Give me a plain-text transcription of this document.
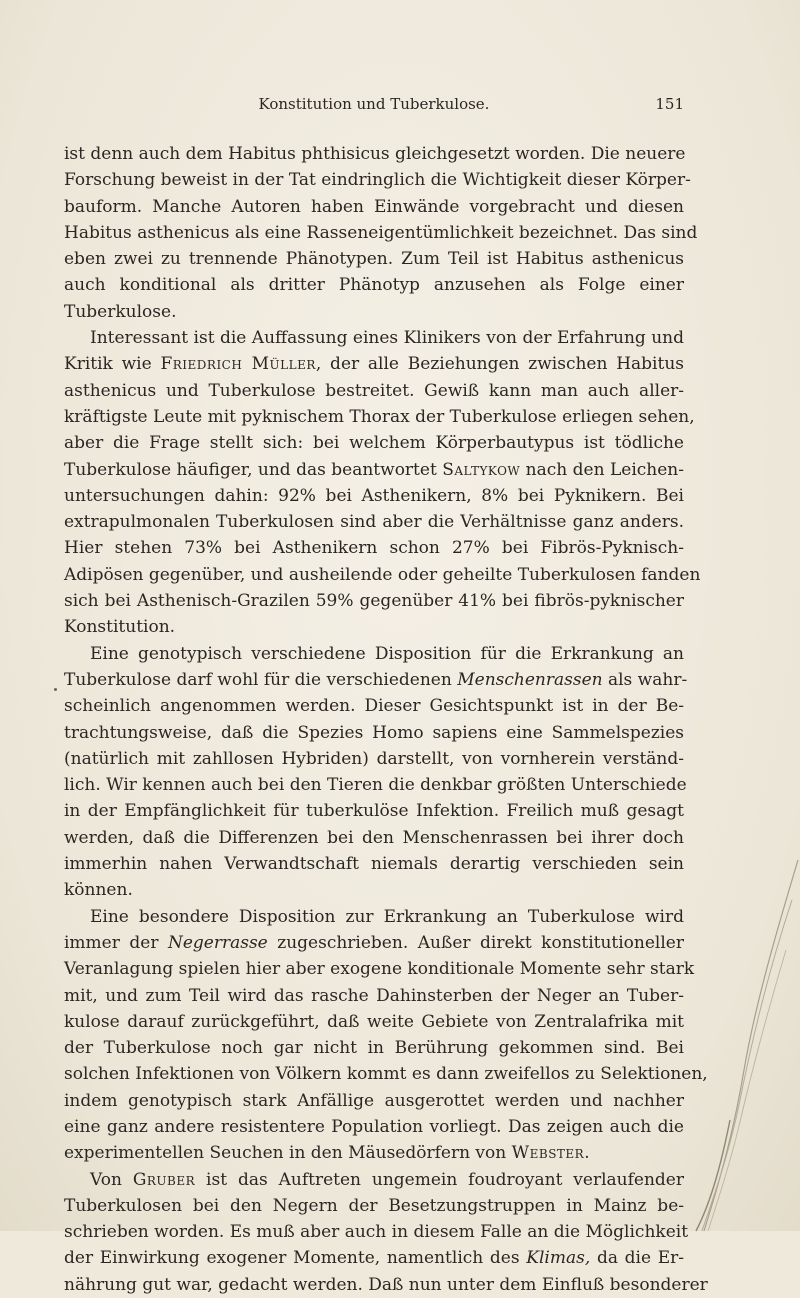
Konstitution und Tuberkulose.	151
ist denn auch dem Habitus phthisicus gleichgesetzt worden. Die neuere
Forschung beweist in der Tat eindringlich die Wichtigkeit dieser Körper-
bauform. Manche Autoren haben Einwände vorgebracht und diesen
Habitus asthenicus als eine Rasseneigentümlichkeit bezeichnet. Das sind
eben zwei zu trennende Phänotypen. Zum Teil ist Habitus asthenicus
auch konditional als dritter Phänotyp anzusehen als Folge einer
Tuberkulose.
Interessant ist die Auffassung eines Klinikers von der Erfahrung und
Kritik wie Friedrich Müller, der alle Beziehungen zwischen Habitus
asthenicus und Tuberkulose bestreitet. Gewiß kann man auch aller-
kräftigste Leute mit pyknischem Thorax der Tuberkulose erliegen sehen,
aber die Frage stellt sich: bei welchem Körperbautypus ist tödliche
Tuberkulose häufiger, und das beantwortet Saltykow nach den Leichen-
untersuchungen dahin: 92% bei Asthenikern, 8% bei Pyknikern. Bei
extrapulmonalen Tuberkulosen sind aber die Verhältnisse ganz anders.
Hier stehen 73% bei Asthenikern schon 27% bei Fibrös-Pyknisch-
Adipösen gegenüber, und ausheilende oder geheilte Tuberkulosen fanden
sich bei Asthenisch-Grazilen 59% gegenüber 41% bei fibrös-pyknischer
Konstitution.
Eine genotypisch verschiedene Disposition für die Erkrankung an
Tuberkulose darf wohl für die verschiedenen Menschenrassen als wahr-
scheinlich angenommen werden. Dieser Gesichtspunkt ist in der Be-
trachtungsweise, daß die Spezies Homo sapiens eine Sammelspezies
(natürlich mit zahllosen Hybriden) darstellt, von vornherein verständ-
lich. Wir kennen auch bei den Tieren die denkbar größten Unterschiede
in der Empfänglichkeit für tuberkulöse Infektion. Freilich muß gesagt
werden, daß die Differenzen bei den Menschenrassen bei ihrer doch
immerhin nahen Verwandtschaft niemals derartig verschieden sein
können.
Eine besondere Disposition zur Erkrankung an Tuberkulose wird
immer der Negerrasse zugeschrieben. Außer direkt konstitutioneller
Veranlagung spielen hier aber exogene konditionale Momente sehr stark
mit, und zum Teil wird das rasche Dahinsterben der Neger an Tuber-
kulose darauf zurückgeführt, daß weite Gebiete von Zentralafrika mit
der Tuberkulose noch gar nicht in Berührung gekommen sind. Bei
solchen Infektionen von Völkern kommt es dann zweifellos zu Selektionen,
indem genotypisch stark Anfällige ausgerottet werden und nachher
eine ganz andere resistentere Population vorliegt. Das zeigen auch die
experimentellen Seuchen in den Mäusedörfern von Webster.
Von Gruber ist das Auftreten ungemein foudroyant verlaufender
Tuberkulosen bei den Negern der Besetzungstruppen in Mainz be-
schrieben worden. Es muß aber auch in diesem Falle an die Möglichkeit
der Einwirkung exogener Momente, namentlich des Klimas, da die Er-
nährung gut war, gedacht werden. Daß nun unter dem Einfluß besonderer
